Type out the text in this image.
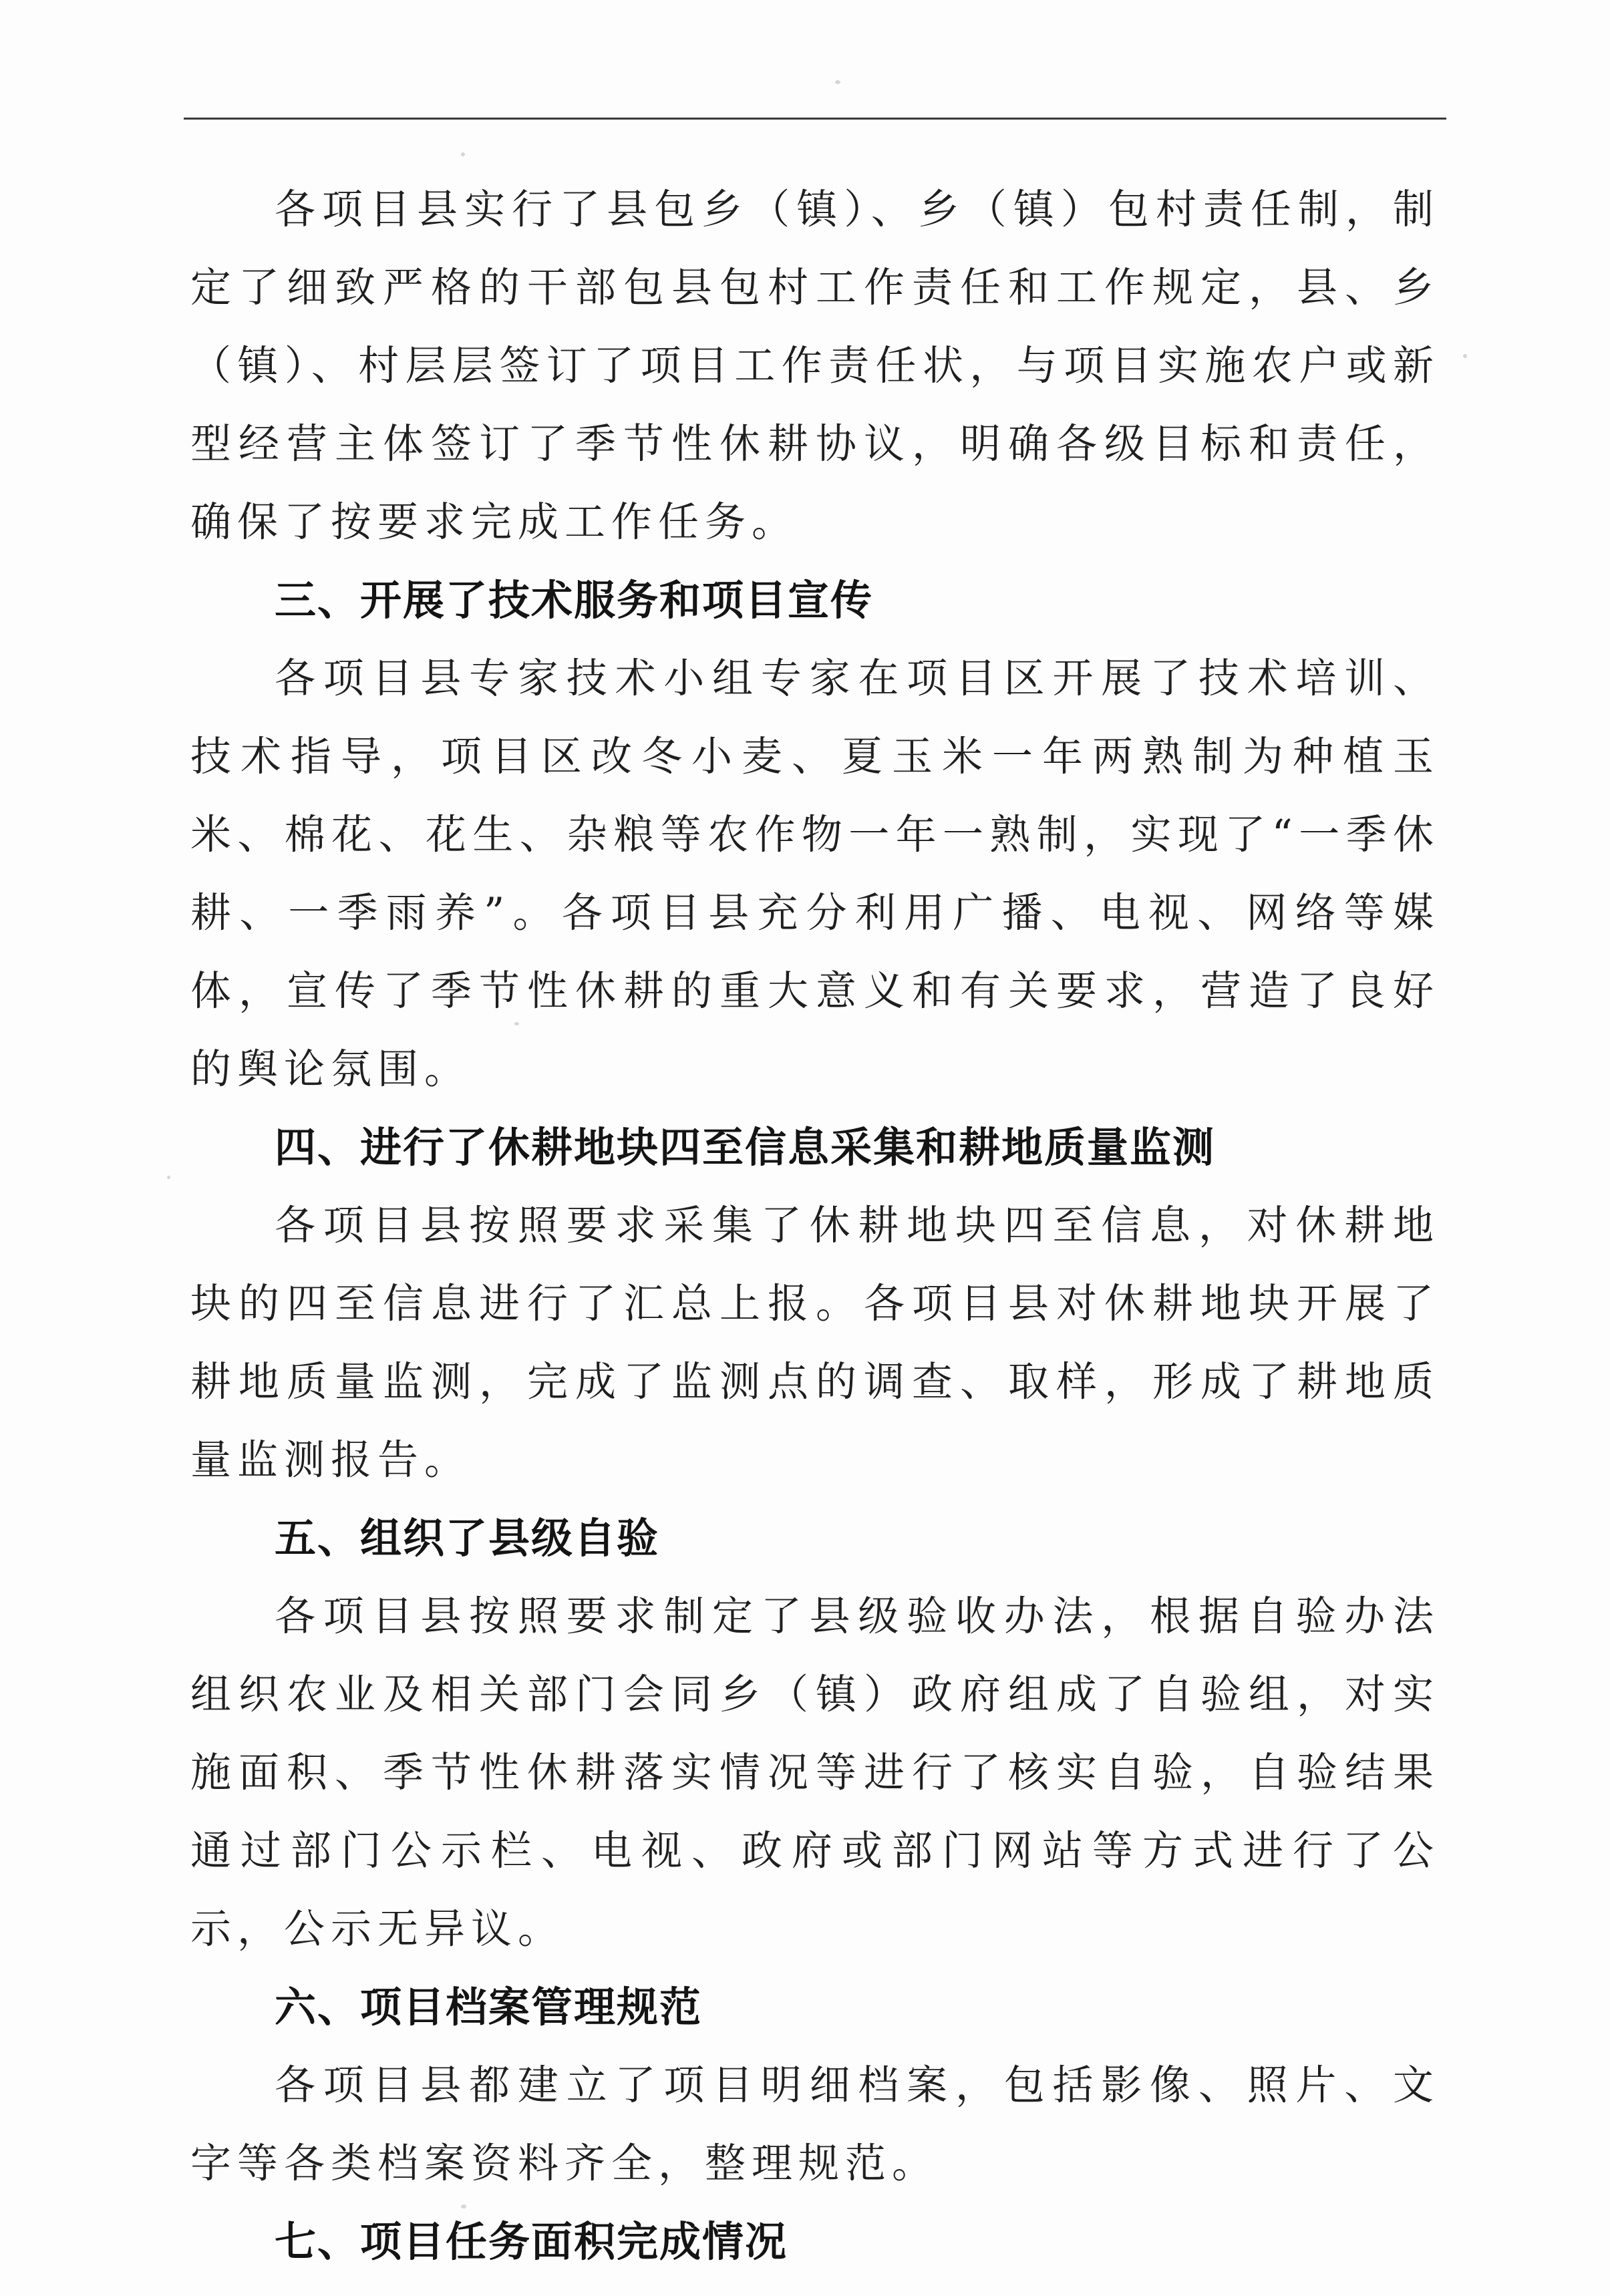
各项目县实行了县包乡（镇）、乡（镇）包村责任制，制定了细致严格的干部包县包村工作责任和工作规定，县、乡（镇）、村层层签订了项目工作责任状，与项目实施农户或新型经营主体签订了季节性休耕协议，明确各级目标和责任，确保了按要求完成工作任务。

三、开展了技术服务和项目宣传

各项目县专家技术小组专家在项目区开展了技术培训、技术指导，项目区改冬小麦、夏玉米一年两熟制为种植玉米、棉花、花生、杂粮等农作物一年一熟制，实现了“一季休耕、一季雨养”。各项目县充分利用广播、电视、网络等媒体，宣传了季节性休耕的重大意义和有关要求，营造了良好的舆论氛围。

四、进行了休耕地块四至信息采集和耕地质量监测

各项目县按照要求采集了休耕地块四至信息，对休耕地块的四至信息进行了汇总上报。各项目县对休耕地块开展了耕地质量监测，完成了监测点的调查、取样，形成了耕地质量监测报告。

五、组织了县级自验

各项目县按照要求制定了县级验收办法，根据自验办法组织农业及相关部门会同乡（镇）政府组成了自验组，对实施面积、季节性休耕落实情况等进行了核实自验，自验结果通过部门公示栏、电视、政府或部门网站等方式进行了公示，公示无异议。

六、项目档案管理规范

各项目县都建立了项目明细档案，包括影像、照片、文字等各类档案资料齐全，整理规范。

七、项目任务面积完成情况
